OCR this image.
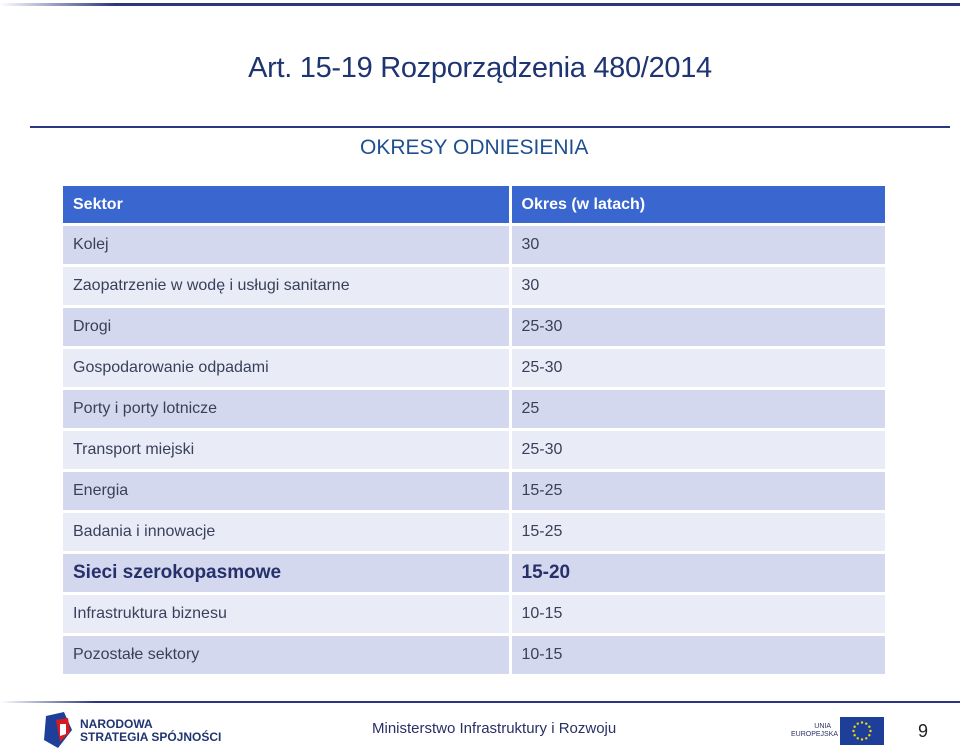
Art. 15-19 Rozporządzenia 480/2014
OKRESY ODNIESIENIA
Sektor	Okres (w latach)
Kolej	30
Zaopatrzenie w wodę i usługi sanitarne	30
Drogi	25-30
Gospodarowanie odpadami	25-30
Porty i porty lotnicze	25
Transport miejski	25-30
Energia	15-25
Badania i innowacje	15-25
Sieci szerokopasmowe	15-20
Infrastruktura biznesu	10-15
Pozostałe sektory	10-15
NARODOWA
STRATEGIA SPÓJNOŚCI	Ministerstwo Infrastruktury i Rozwoju	UNIA
EUROPEJSKA	9
